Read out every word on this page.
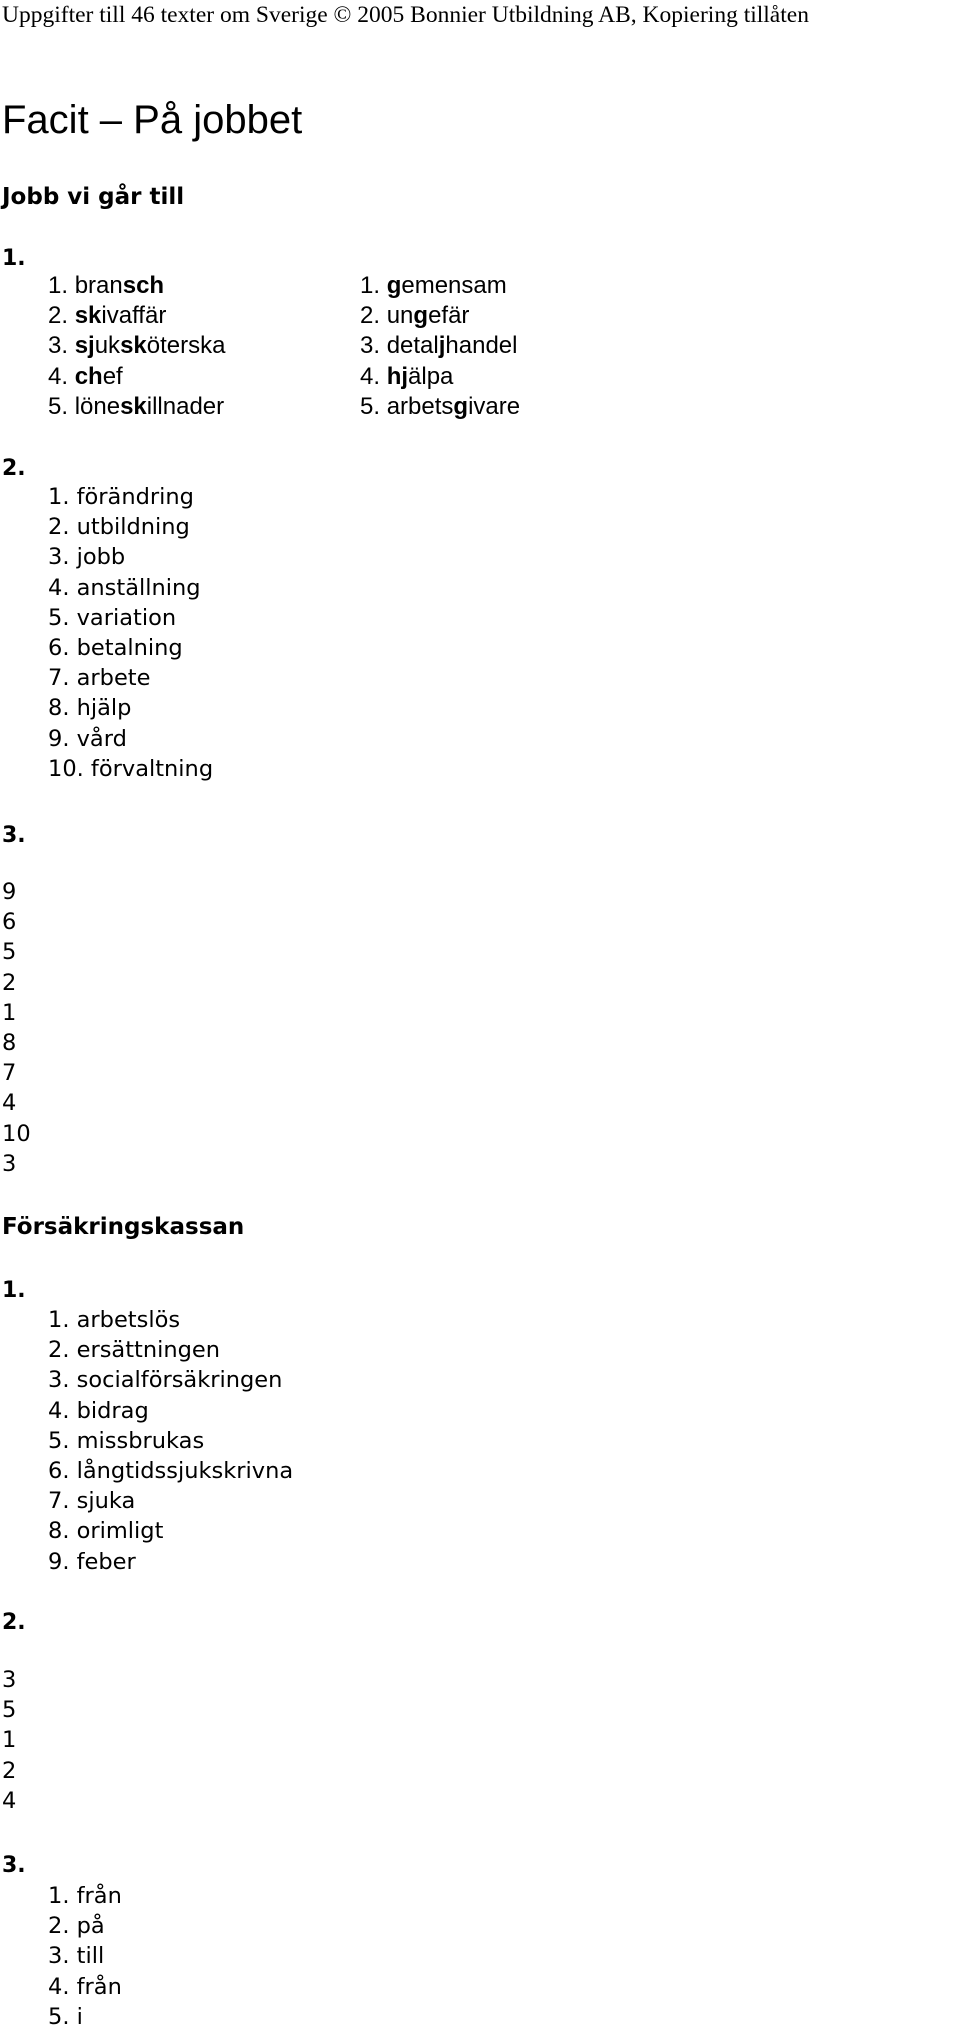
Uppgifter till 46 texter om Sverige © 2005 Bonnier Utbildning AB, Kopiering tillåten
Facit – På jobbet
Jobb vi går till
1.
1. bransch
2. skivaffär
3. sjuksköterska
4. chef
5. löneskillnader
1. gemensam
2. ungefär
3. detaljhandel
4. hjälpa
5. arbetsgivare
2.
1. förändring
2. utbildning
3. jobb
4. anställning
5. variation
6. betalning
7. arbete
8. hjälp
9. vård
10. förvaltning
3.
9
6
5
2
1
8
7
4
10
3
Försäkringskassan
1.
1. arbetslös
2. ersättningen
3. socialförsäkringen
4. bidrag
5. missbrukas
6. långtidssjukskrivna
7. sjuka
8. orimligt
9. feber
2.
3
5
1
2
4
3.
1. från
2. på
3. till
4. från
5. i
